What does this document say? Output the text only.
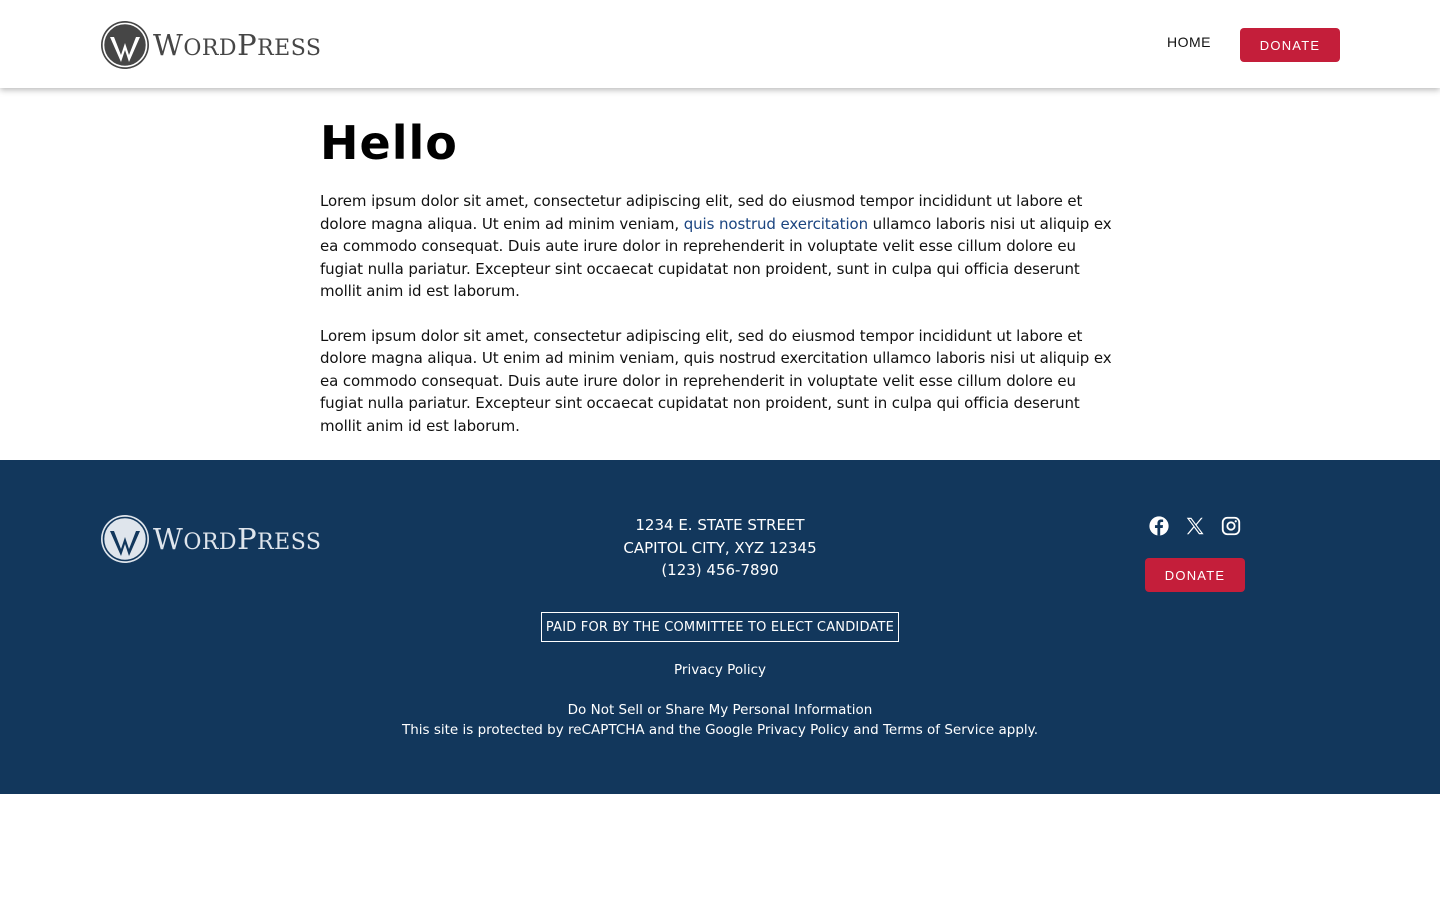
WORDPRESS	HOME	DONATE
Hello

Lorem ipsum dolor sit amet, consectetur adipiscing elit, sed do eiusmod tempor incididunt ut labore et dolore magna aliqua. Ut enim ad minim veniam, quis nostrud exercitation ullamco laboris nisi ut aliquip ex ea commodo consequat. Duis aute irure dolor in reprehenderit in voluptate velit esse cillum dolore eu fugiat nulla pariatur. Excepteur sint occaecat cupidatat non proident, sunt in culpa qui officia deserunt mollit anim id est laborum.

Lorem ipsum dolor sit amet, consectetur adipiscing elit, sed do eiusmod tempor incididunt ut labore et dolore magna aliqua. Ut enim ad minim veniam, quis nostrud exercitation ullamco laboris nisi ut aliquip ex ea commodo consequat. Duis aute irure dolor in reprehenderit in voluptate velit esse cillum dolore eu fugiat nulla pariatur. Excepteur sint occaecat cupidatat non proident, sunt in culpa qui officia deserunt mollit anim id est laborum.

WORDPRESS
1234 E. STATE STREET
CAPITOL CITY, XYZ 12345
(123) 456-7890	DONATE
PAID FOR BY THE COMMITTEE TO ELECT CANDIDATE
Privacy Policy
Do Not Sell or Share My Personal Information
This site is protected by reCAPTCHA and the Google Privacy Policy and Terms of Service apply.
